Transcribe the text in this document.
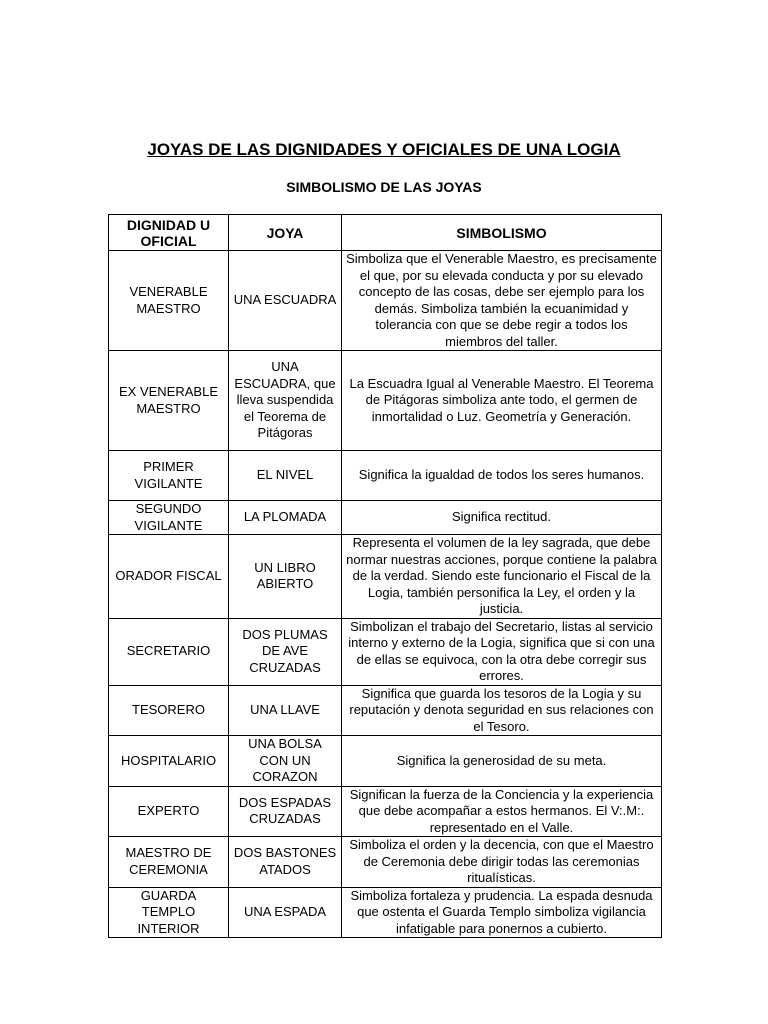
JOYAS DE LAS DIGNIDADES Y OFICIALES DE UNA LOGIA
SIMBOLISMO DE LAS JOYAS
DIGNIDAD U OFICIAL	JOYA	SIMBOLISMO
VENERABLE MAESTRO	UNA ESCUADRA	Simboliza que el Venerable Maestro, es precisamente el que, por su elevada conducta y por su elevado concepto de las cosas, debe ser ejemplo para los demás. Simboliza también la ecuanimidad y tolerancia con que se debe regir a todos los miembros del taller.
EX VENERABLE MAESTRO	UNA ESCUADRA, que lleva suspendida el Teorema de Pitágoras	La Escuadra Igual al Venerable Maestro. El Teorema de Pitágoras simboliza ante todo, el germen de inmortalidad o Luz. Geometría y Generación.
PRIMER VIGILANTE	EL NIVEL	Significa la igualdad de todos los seres humanos.
SEGUNDO VIGILANTE	LA PLOMADA	Significa rectitud.
ORADOR FISCAL	UN LIBRO ABIERTO	Representa el volumen de la ley sagrada, que debe normar nuestras acciones, porque contiene la palabra de la verdad. Siendo este funcionario el Fiscal de la Logia, también personifica la Ley, el orden y la justicia.
SECRETARIO	DOS PLUMAS DE AVE CRUZADAS	Simbolizan el trabajo del Secretario, listas al servicio interno y externo de la Logia, significa que si con una de ellas se equivoca, con la otra debe corregir sus errores.
TESORERO	UNA LLAVE	Significa que guarda los tesoros de la Logia y su reputación y denota seguridad en sus relaciones con el Tesoro.
HOSPITALARIO	UNA BOLSA CON UN CORAZON	Significa la generosidad de su meta.
EXPERTO	DOS ESPADAS CRUZADAS	Significan la fuerza de la Conciencia y la experiencia que debe acompañar a estos hermanos. El V:.M:. representado en el Valle.
MAESTRO DE CEREMONIA	DOS BASTONES ATADOS	Simboliza el orden y la decencia, con que el Maestro de Ceremonia debe dirigir todas las ceremonias ritualísticas.
GUARDA TEMPLO INTERIOR	UNA ESPADA	Simboliza fortaleza y prudencia. La espada desnuda que ostenta el Guarda Templo simboliza vigilancia infatigable para ponernos a cubierto.
